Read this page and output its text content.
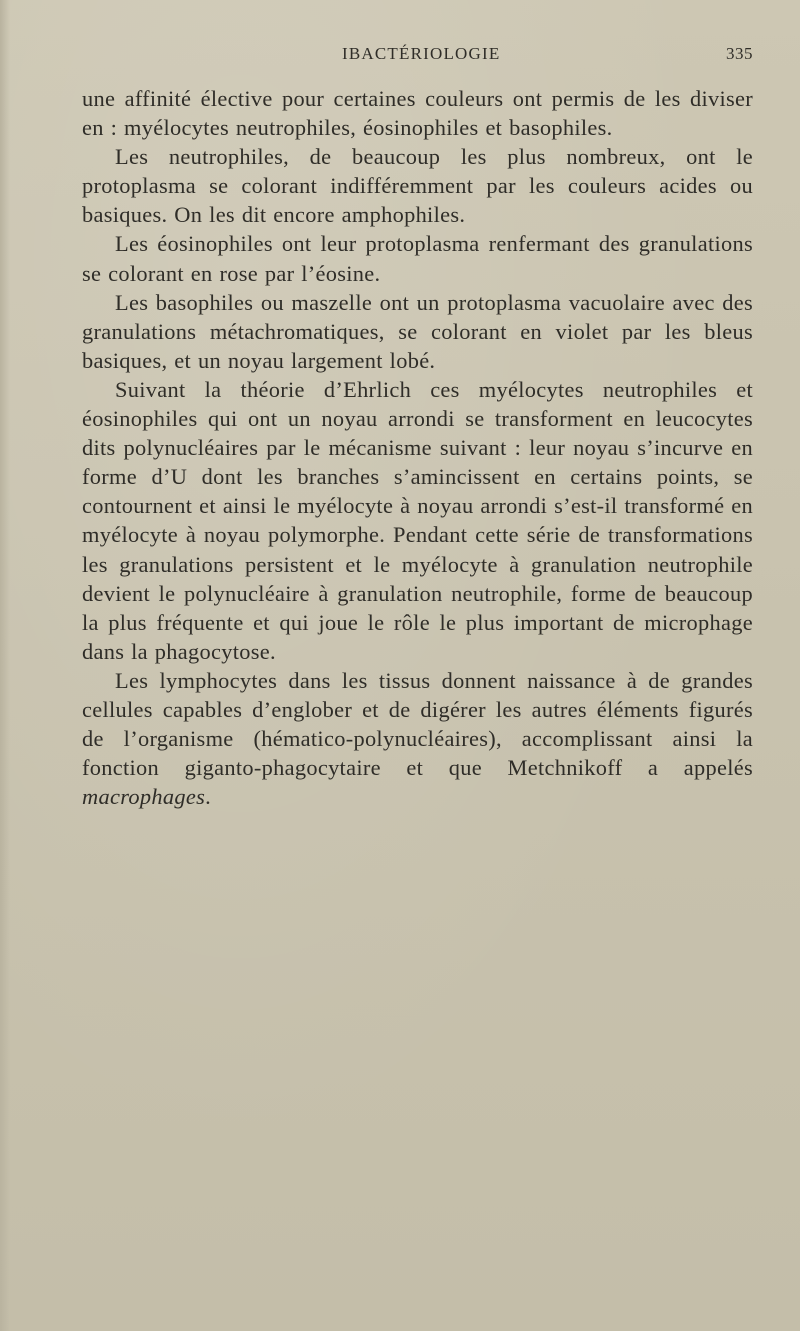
IBACTÉRIOLOGIE	335

une affinité élective pour certaines couleurs ont permis de les diviser en : myélocytes neutrophiles, éosinophiles et basophiles.

Les neutrophiles, de beaucoup les plus nombreux, ont le protoplasma se colorant indifféremment par les couleurs acides ou basiques. On les dit encore amphophiles.

Les éosinophiles ont leur protoplasma renfermant des granulations se colorant en rose par l’éosine.

Les basophiles ou maszelle ont un protoplasma vacuolaire avec des granulations métachromatiques, se colorant en violet par les bleus basiques, et un noyau largement lobé.

Suivant la théorie d’Ehrlich ces myélocytes neutrophiles et éosinophiles qui ont un noyau arrondi se transforment en leucocytes dits polynucléaires par le mécanisme suivant : leur noyau s’incurve en forme d’U dont les branches s’amincissent en certains points, se contournent et ainsi le myélocyte à noyau arrondi s’est-il transformé en myélocyte à noyau polymorphe. Pendant cette série de transformations les granulations persistent et le myélocyte à granulation neutrophile devient le polynucléaire à granulation neutrophile, forme de beaucoup la plus fréquente et qui joue le rôle le plus important de microphage dans la phagocytose.

Les lymphocytes dans les tissus donnent naissance à de grandes cellules capables d’englober et de digérer les autres éléments figurés de l’organisme (hématico-polynucléaires), accomplissant ainsi la fonction giganto-phagocytaire et que Metchnikoff a appelés macrophages.
